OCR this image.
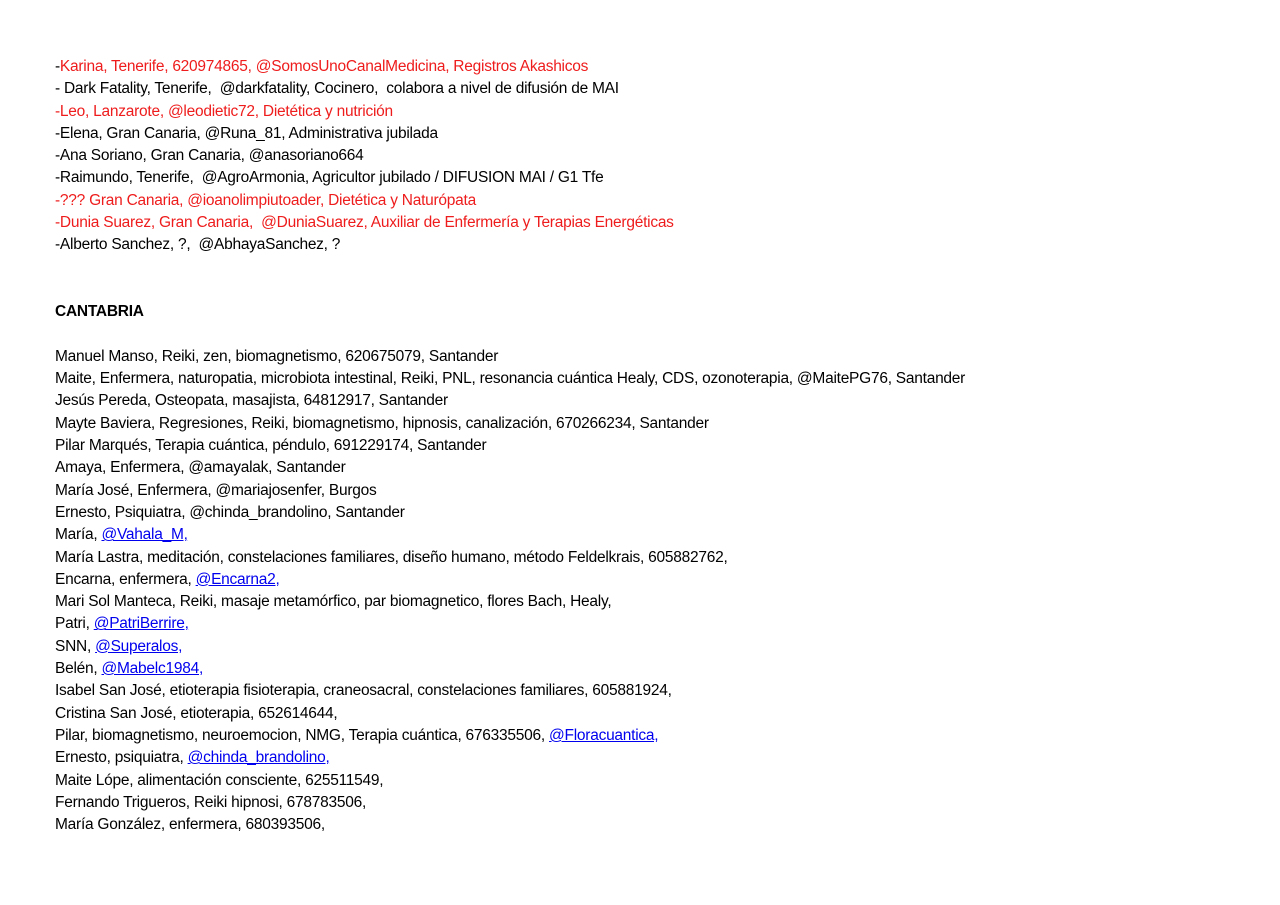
-Karina, Tenerife, 620974865, @SomosUnoCanalMedicina, Registros Akashicos
- Dark Fatality, Tenerife,  @darkfatality, Cocinero,  colabora a nivel de difusión de MAI
-Leo, Lanzarote, @leodietic72, Dietética y nutrición
-Elena, Gran Canaria, @Runa_81, Administrativa jubilada
-Ana Soriano, Gran Canaria, @anasoriano664
-Raimundo, Tenerife,  @AgroArmonia, Agricultor jubilado / DIFUSION MAI / G1 Tfe
-??? Gran Canaria, @ioanolimpiutoader, Dietética y Naturópata
-Dunia Suarez, Gran Canaria,  @DuniaSuarez, Auxiliar de Enfermería y Terapias Energéticas
-Alberto Sanchez, ?,  @AbhayaSanchez, ?
CANTABRIA
Manuel Manso, Reiki, zen, biomagnetismo, 620675079, Santander
Maite, Enfermera, naturopatia, microbiota intestinal, Reiki, PNL, resonancia cuántica Healy, CDS, ozonoterapia, @MaitePG76, Santander
Jesús Pereda, Osteopata, masajista, 64812917, Santander
Mayte Baviera, Regresiones, Reiki, biomagnetismo, hipnosis, canalización, 670266234, Santander
Pilar Marqués, Terapia cuántica, péndulo, 691229174, Santander
Amaya, Enfermera, @amayalak, Santander
María José, Enfermera, @mariajosenfer, Burgos
Ernesto, Psiquiatra, @chinda_brandolino, Santander
María, @Vahala_M,
María Lastra, meditación, constelaciones familiares, diseño humano, método Feldelkrais, 605882762,
Encarna, enfermera, @Encarna2,
Mari Sol Manteca, Reiki, masaje metamórfico, par biomagnetico, flores Bach, Healy,
Patri, @PatriBerrire,
SNN, @Superalos,
Belén, @Mabelc1984,
Isabel San José, etioterapia fisioterapia, craneosacral, constelaciones familiares, 605881924,
Cristina San José, etioterapia, 652614644,
Pilar, biomagnetismo, neuroemocion, NMG, Terapia cuántica, 676335506, @Floracuantica,
Ernesto, psiquiatra, @chinda_brandolino,
Maite Lópe, alimentación consciente, 625511549,
Fernando Trigueros, Reiki hipnosi, 678783506,
María González, enfermera, 680393506,
